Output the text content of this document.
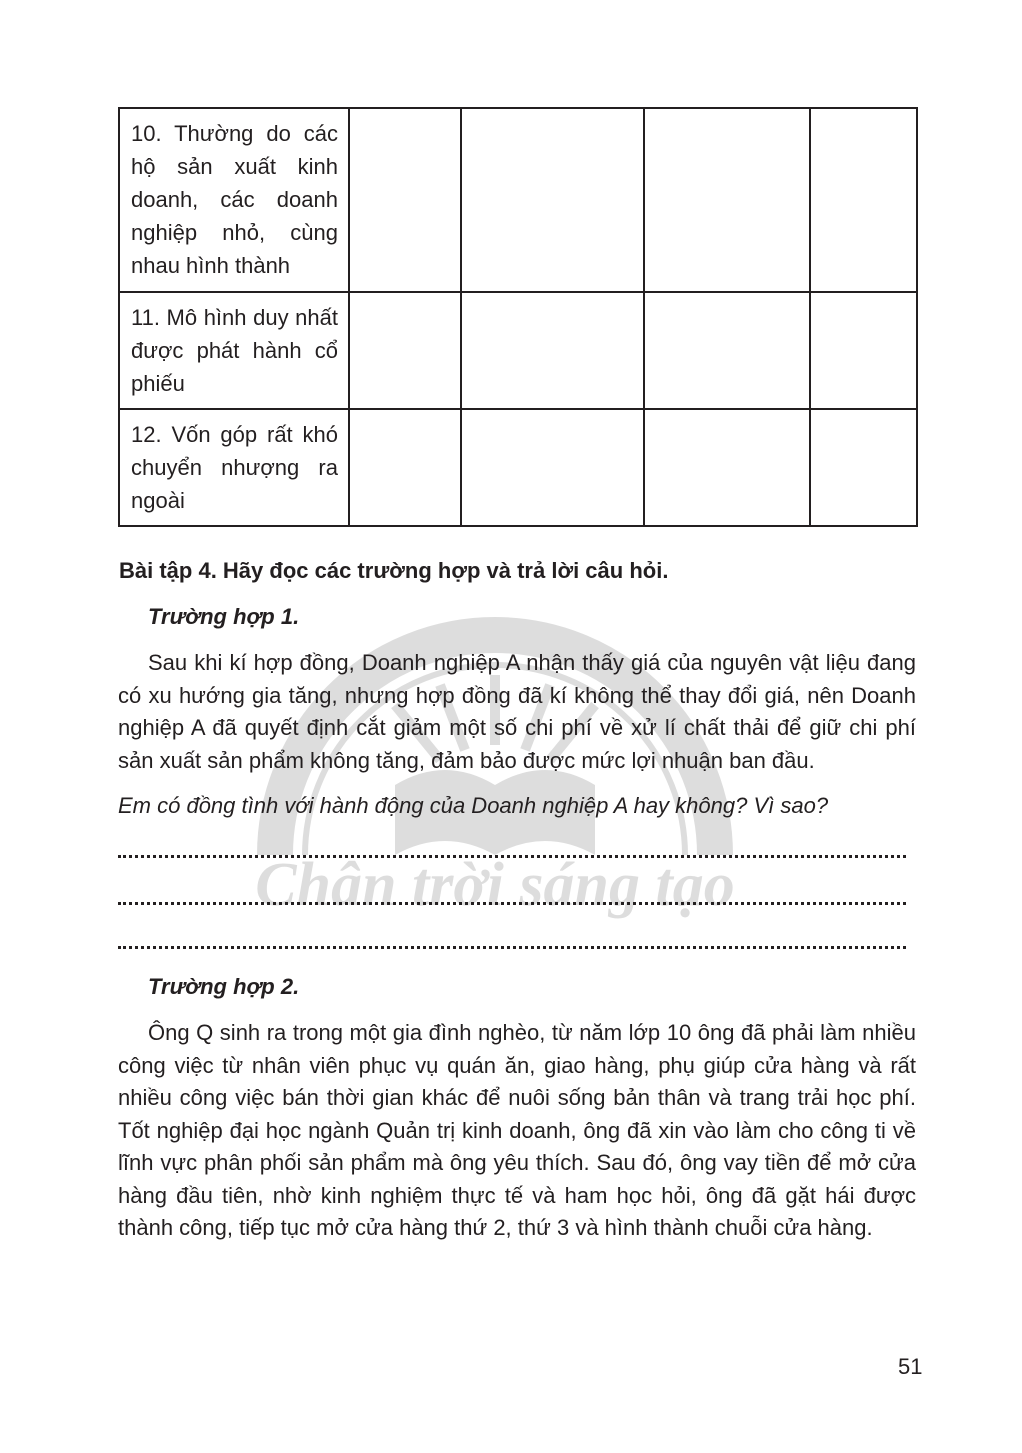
Chân trời sáng tạo
10. Thường do các hộ sản xuất kinh doanh, các doanh nghiệp nhỏ, cùng nhau hình thành				
11. Mô hình duy nhất được phát hành cổ phiếu				
12. Vốn góp rất khó chuyển nhượng ra ngoài				

Bài tập 4. Hãy đọc các trường hợp và trả lời câu hỏi.

Trường hợp 1.

Sau khi kí hợp đồng, Doanh nghiệp A nhận thấy giá của nguyên vật liệu đang có xu hướng gia tăng, nhưng hợp đồng đã kí không thể thay đổi giá, nên Doanh nghiệp A đã quyết định cắt giảm một số chi phí về xử lí chất thải để giữ chi phí sản xuất sản phẩm không tăng, đảm bảo được mức lợi nhuận ban đầu.

Em có đồng tình với hành động của Doanh nghiệp A hay không? Vì sao?

Trường hợp 2.

Ông Q sinh ra trong một gia đình nghèo, từ năm lớp 10 ông đã phải làm nhiều công việc từ nhân viên phục vụ quán ăn, giao hàng, phụ giúp cửa hàng và rất nhiều công việc bán thời gian khác để nuôi sống bản thân và trang trải học phí. Tốt nghiệp đại học ngành Quản trị kinh doanh, ông đã xin vào làm cho công ti về lĩnh vực phân phối sản phẩm mà ông yêu thích. Sau đó, ông vay tiền để mở cửa hàng đầu tiên, nhờ kinh nghiệm thực tế và ham học hỏi, ông đã gặt hái được thành công, tiếp tục mở cửa hàng thứ 2, thứ 3 và hình thành chuỗi cửa hàng.

51
